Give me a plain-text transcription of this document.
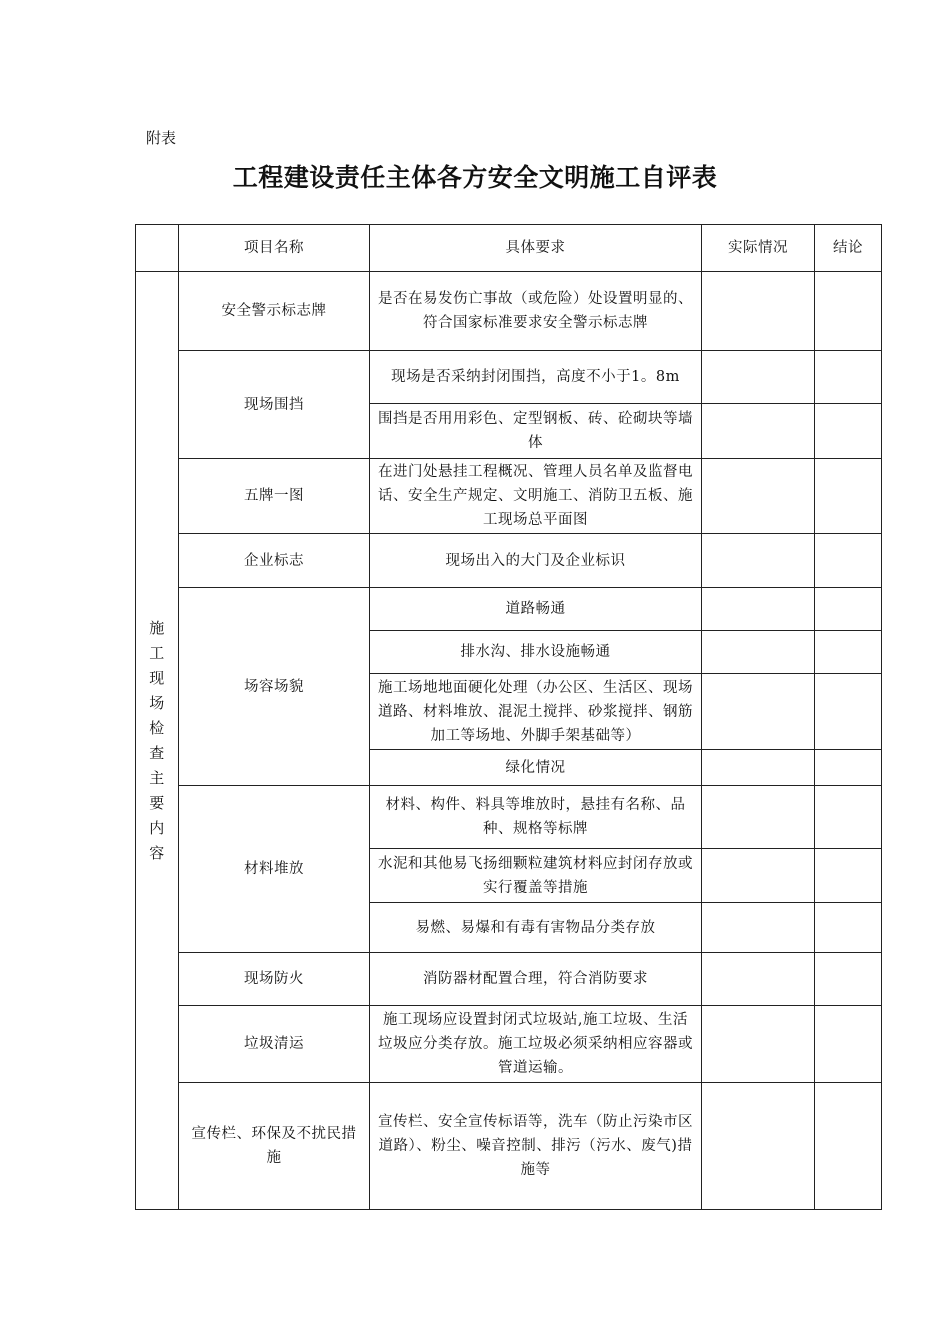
附表
工程建设责任主体各方安全文明施工自评表
	项目名称	具体要求	实际情况	结论
施工现场检查主要内容	安全警示标志牌	是否在易发伤亡事故（或危险）处设置明显的、符合国家标准要求安全警示标志牌		
	现场围挡	现场是否采纳封闭围挡，高度不小于1。8m		
		围挡是否用用彩色、定型钢板、砖、砼砌块等墙体		
	五牌一图	在进门处悬挂工程概况、管理人员名单及监督电话、安全生产规定、文明施工、消防卫五板、施工现场总平面图		
	企业标志	现场出入的大门及企业标识		
	场容场貌	道路畅通		
		排水沟、排水设施畅通		
		施工场地地面硬化处理（办公区、生活区、现场道路、材料堆放、混泥土搅拌、砂浆搅拌、钢筋加工等场地、外脚手架基础等）		
		绿化情况		
	材料堆放	材料、构件、料具等堆放时，悬挂有名称、品种、规格等标牌		
		水泥和其他易飞扬细颗粒建筑材料应封闭存放或实行覆盖等措施		
		易燃、易爆和有毒有害物品分类存放		
	现场防火	消防器材配置合理，符合消防要求		
	垃圾清运	施工现场应设置封闭式垃圾站,施工垃圾、生活垃圾应分类存放。施工垃圾必须采纳相应容器或管道运输。		
	宣传栏、环保及不扰民措施	宣传栏、安全宣传标语等，洗车（防止污染市区道路）、粉尘、噪音控制、排污（污水、废气)措施等		
